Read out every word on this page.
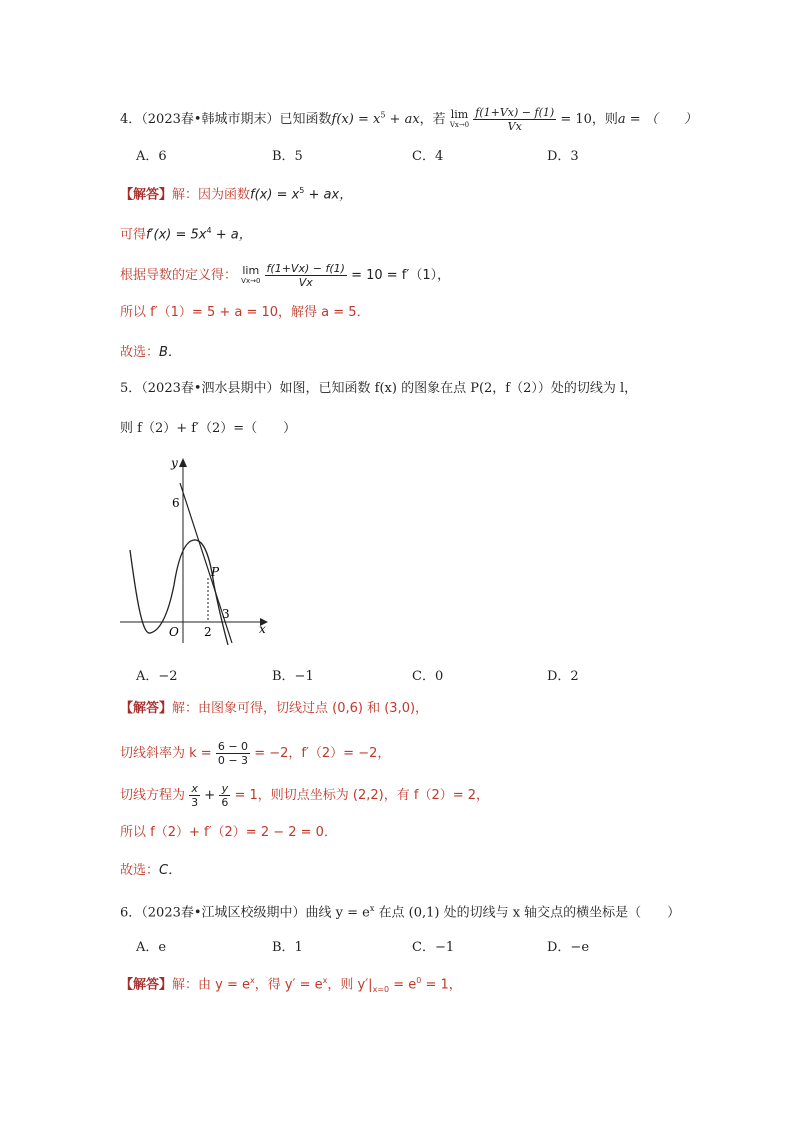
4．（2023春•韩城市期末）已知函数$f(x) = x^5$ + ax，若 lim
Vx→0
$\frac{f(1+Vx) - f(1)}{Vx} = 10$，则a = （　　）
A．6	B．5	C．4	D．3
【解答】解：因为函数$f(x) = x^5$ + ax，
可得$f'(x) = 5x^4 + a$，
根据导数的定义得： lim
Vx→0
$\frac{f(1+Vx) - f(1)}{Vx} = 10 = f'(1)$，
所以 f′（1）= 5 + a = 10，解得 a = 5．
故选：B．
5．（2023春•泗水县期中）如图，已知函数 f(x) 的图象在点 P(2，f（2））处的切线为 l，
则 f（2）+ f′（2）=（　　）
y
x
O
6
2
3
P
A．−2	B．−1	C．0	D．2
【解答】解：由图象可得，切线过点 (0,6) 和 (3,0)，
切线斜率为 $k = \frac{6 - 0}{0 - 3} = -2$，f′（2）= −2，
切线方程为 $\frac{x}{3} + \frac{y}{6} = 1$，则切点坐标为 (2,2)，有 f（2）= 2，
所以 f（2）+ f′（2）= 2 − 2 = 0．
故选：C．
6．（2023春•江城区校级期中）曲线 $y = e^x$ 在点 (0,1) 处的切线与 x 轴交点的横坐标是（　　）
A．e	B．1	C．−1	D．−e
【解答】解：由 $y = e^x$，得 $y' = e^x$，则 $y'|_{x=0} = e^0 = 1$，
